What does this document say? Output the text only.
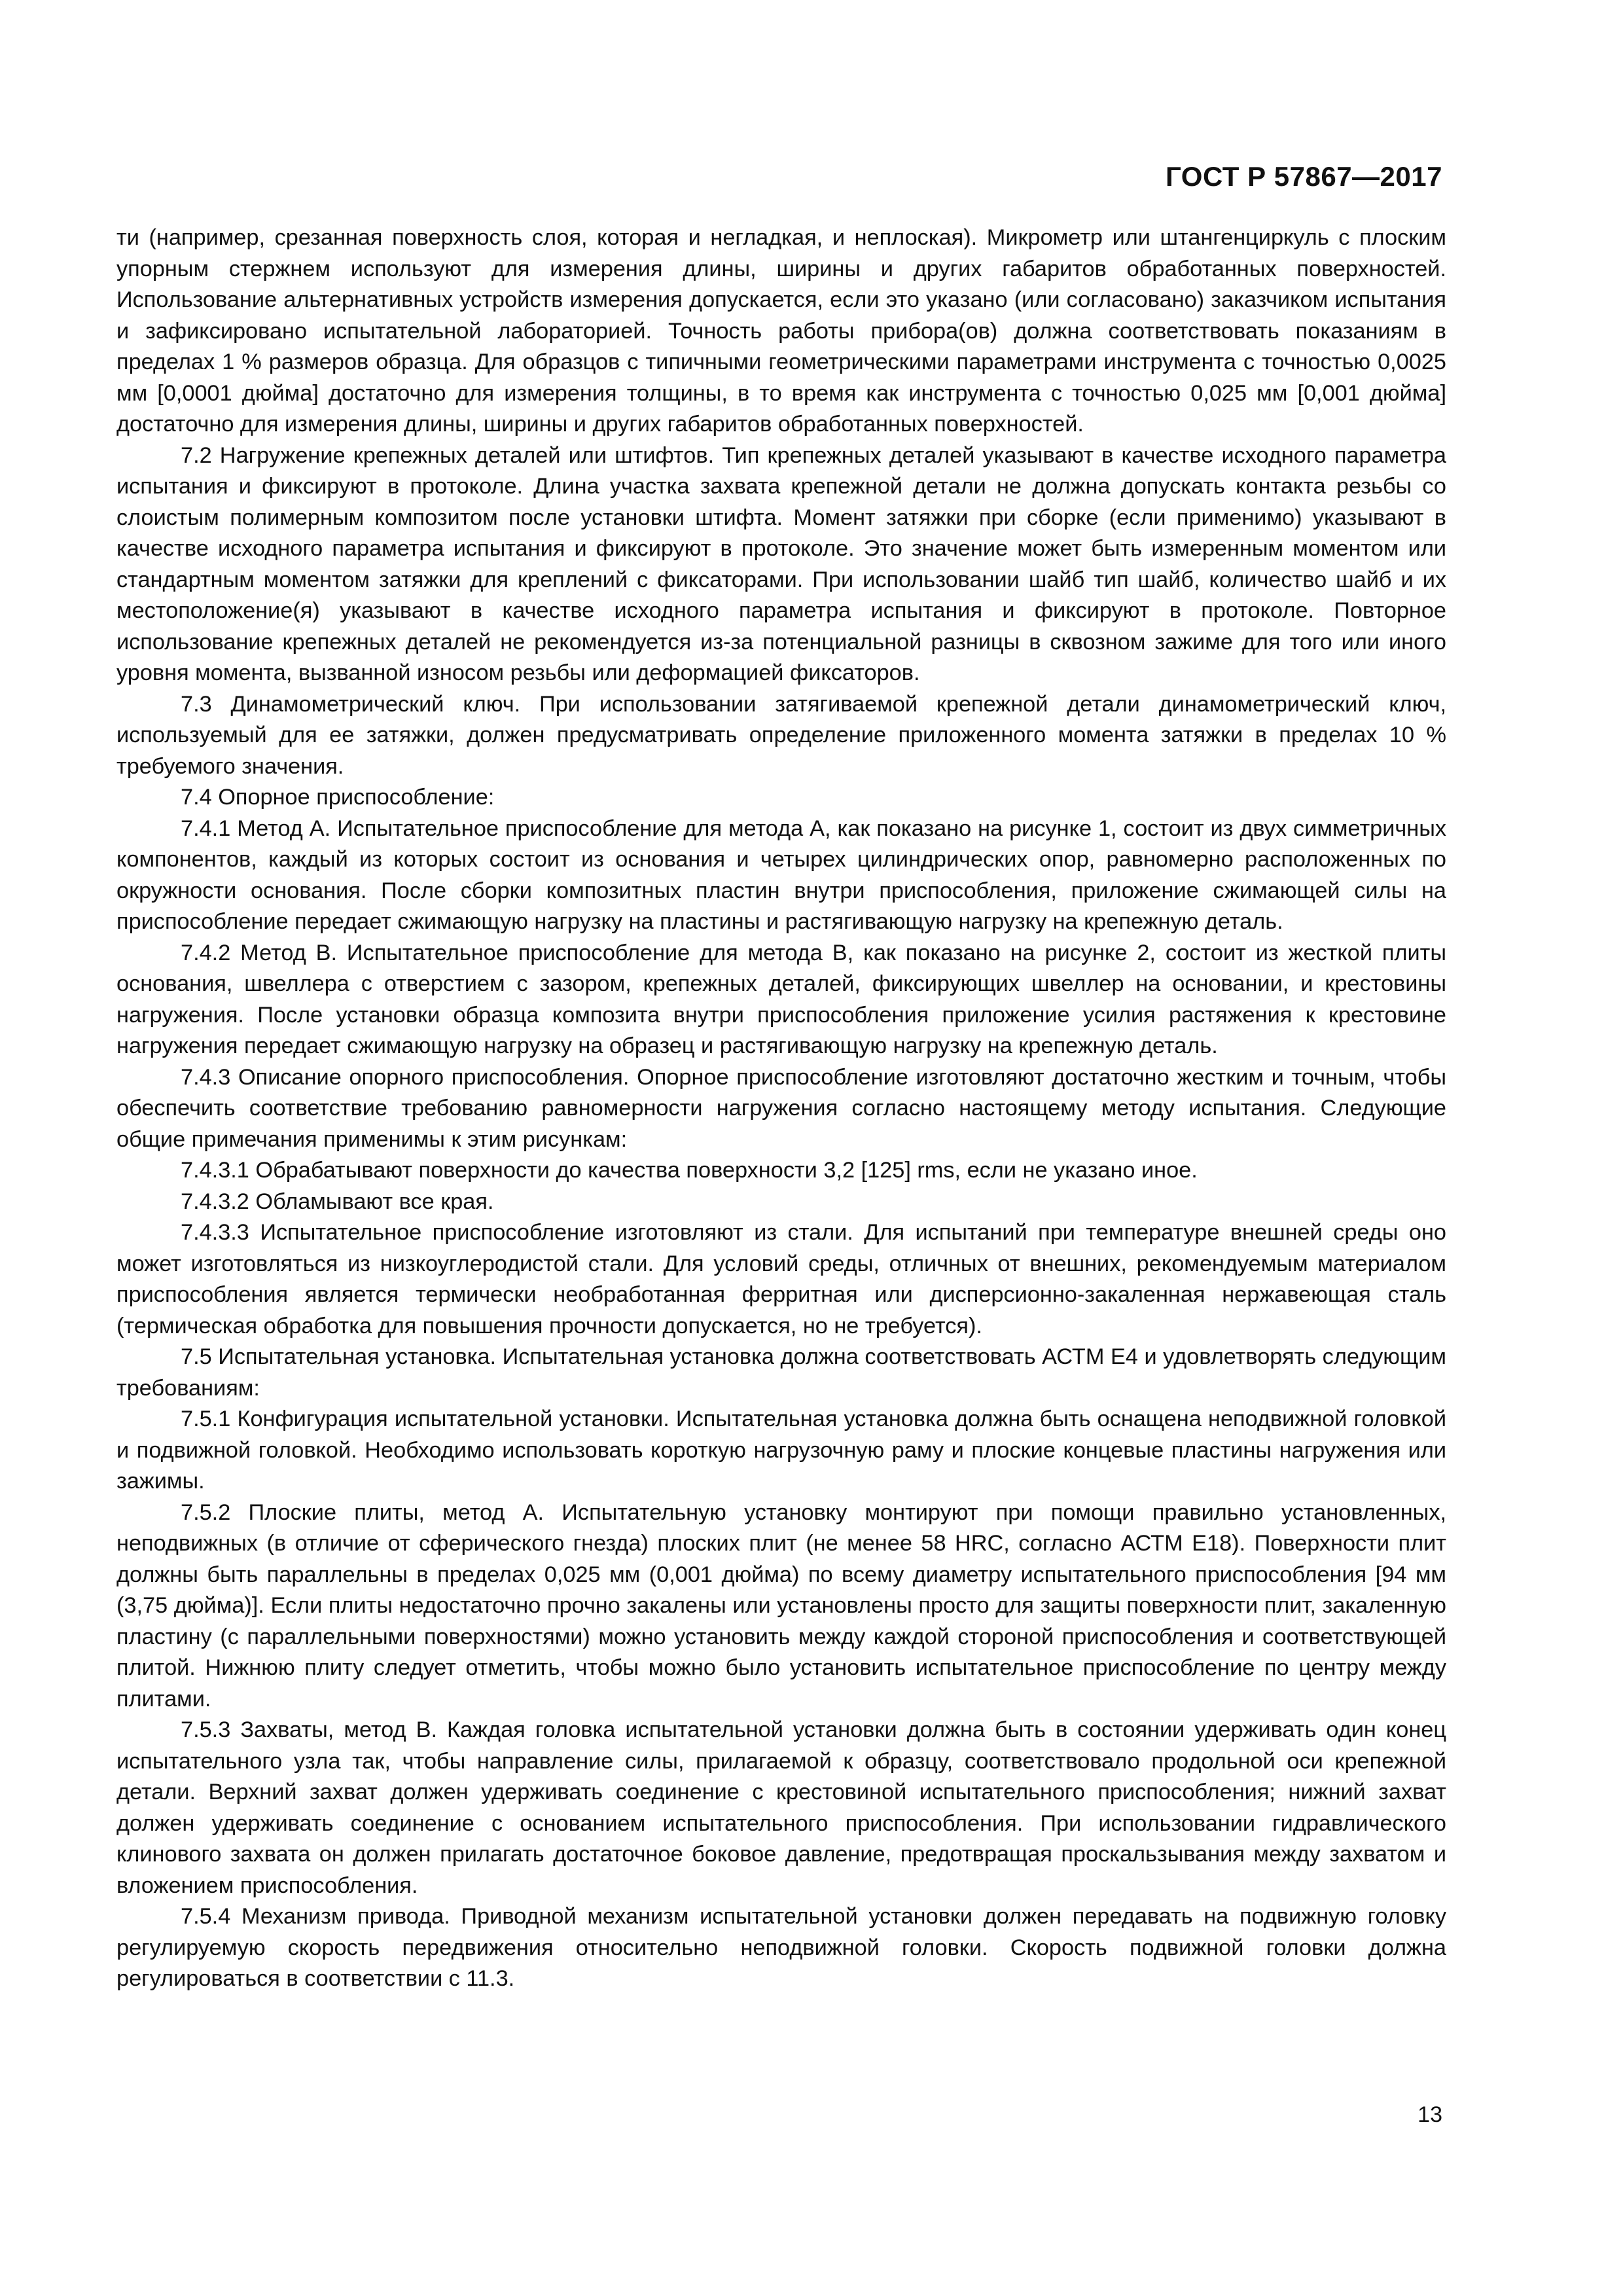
ГОСТ Р 57867—2017

ти (например, срезанная поверхность слоя, которая и негладкая, и неплоская). Микрометр или штангенциркуль с плоским упорным стержнем используют для измерения длины, ширины и других габаритов обработанных поверхностей. Использование альтернативных устройств измерения допускается, если это указано (или согласовано) заказчиком испытания и зафиксировано испытательной лабораторией. Точность работы прибора(ов) должна соответствовать показаниям в пределах 1 % размеров образца. Для образцов с типичными геометрическими параметрами инструмента с точностью 0,0025 мм [0,0001 дюйма] достаточно для измерения толщины, в то время как инструмента с точностью 0,025 мм [0,001 дюйма] достаточно для измерения длины, ширины и других габаритов обработанных поверхностей.

7.2 Нагружение крепежных деталей или штифтов. Тип крепежных деталей указывают в качестве исходного параметра испытания и фиксируют в протоколе. Длина участка захвата крепежной детали не должна допускать контакта резьбы со слоистым полимерным композитом после установки штифта. Момент затяжки при сборке (если применимо) указывают в качестве исходного параметра испытания и фиксируют в протоколе. Это значение может быть измеренным моментом или стандартным моментом затяжки для креплений с фиксаторами. При использовании шайб тип шайб, количество шайб и их местоположение(я) указывают в качестве исходного параметра испытания и фиксируют в протоколе. Повторное использование крепежных деталей не рекомендуется из-за потенциальной разницы в сквозном зажиме для того или иного уровня момента, вызванной износом резьбы или деформацией фиксаторов.

7.3 Динамометрический ключ. При использовании затягиваемой крепежной детали динамометрический ключ, используемый для ее затяжки, должен предусматривать определение приложенного момента затяжки в пределах 10 % требуемого значения.

7.4 Опорное приспособление:

7.4.1 Метод А. Испытательное приспособление для метода А, как показано на рисунке 1, состоит из двух симметричных компонентов, каждый из которых состоит из основания и четырех цилиндрических опор, равномерно расположенных по окружности основания. После сборки композитных пластин внутри приспособления, приложение сжимающей силы на приспособление передает сжимающую нагрузку на пластины и растягивающую нагрузку на крепежную деталь.

7.4.2 Метод В. Испытательное приспособление для метода В, как показано на рисунке 2, состоит из жесткой плиты основания, швеллера с отверстием с зазором, крепежных деталей, фиксирующих швеллер на основании, и крестовины нагружения. После установки образца композита внутри приспособления приложение усилия растяжения к крестовине нагружения передает сжимающую нагрузку на образец и растягивающую нагрузку на крепежную деталь.

7.4.3 Описание опорного приспособления. Опорное приспособление изготовляют достаточно жестким и точным, чтобы обеспечить соответствие требованию равномерности нагружения согласно настоящему методу испытания. Следующие общие примечания применимы к этим рисункам:

7.4.3.1 Обрабатывают поверхности до качества поверхности 3,2 [125] rms, если не указано иное.

7.4.3.2 Обламывают все края.

7.4.3.3 Испытательное приспособление изготовляют из стали. Для испытаний при температуре внешней среды оно может изготовляться из низкоуглеродистой стали. Для условий среды, отличных от внешних, рекомендуемым материалом приспособления является термически необработанная ферритная или дисперсионно-закаленная нержавеющая сталь (термическая обработка для повышения прочности допускается, но не требуется).

7.5 Испытательная установка. Испытательная установка должна соответствовать АСТМ Е4 и удовлетворять следующим требованиям:

7.5.1 Конфигурация испытательной установки. Испытательная установка должна быть оснащена неподвижной головкой и подвижной головкой. Необходимо использовать короткую нагрузочную раму и плоские концевые пластины нагружения или зажимы.

7.5.2 Плоские плиты, метод А. Испытательную установку монтируют при помощи правильно установленных, неподвижных (в отличие от сферического гнезда) плоских плит (не менее 58 HRC, согласно АСТМ Е18). Поверхности плит должны быть параллельны в пределах 0,025 мм (0,001 дюйма) по всему диаметру испытательного приспособления [94 мм (3,75 дюйма)]. Если плиты недостаточно прочно закалены или установлены просто для защиты поверхности плит, закаленную пластину (с параллельными поверхностями) можно установить между каждой стороной приспособления и соответствующей плитой. Нижнюю плиту следует отметить, чтобы можно было установить испытательное приспособление по центру между плитами.

7.5.3 Захваты, метод В. Каждая головка испытательной установки должна быть в состоянии удерживать один конец испытательного узла так, чтобы направление силы, прилагаемой к образцу, соответствовало продольной оси крепежной детали. Верхний захват должен удерживать соединение с крестовиной испытательного приспособления; нижний захват должен удерживать соединение с основанием испытательного приспособления. При использовании гидравлического клинового захвата он должен прилагать достаточное боковое давление, предотвращая проскальзывания между захватом и вложением приспособления.

7.5.4 Механизм привода. Приводной механизм испытательной установки должен передавать на подвижную головку регулируемую скорость передвижения относительно неподвижной головки. Скорость подвижной головки должна регулироваться в соответствии с 11.3.

13
